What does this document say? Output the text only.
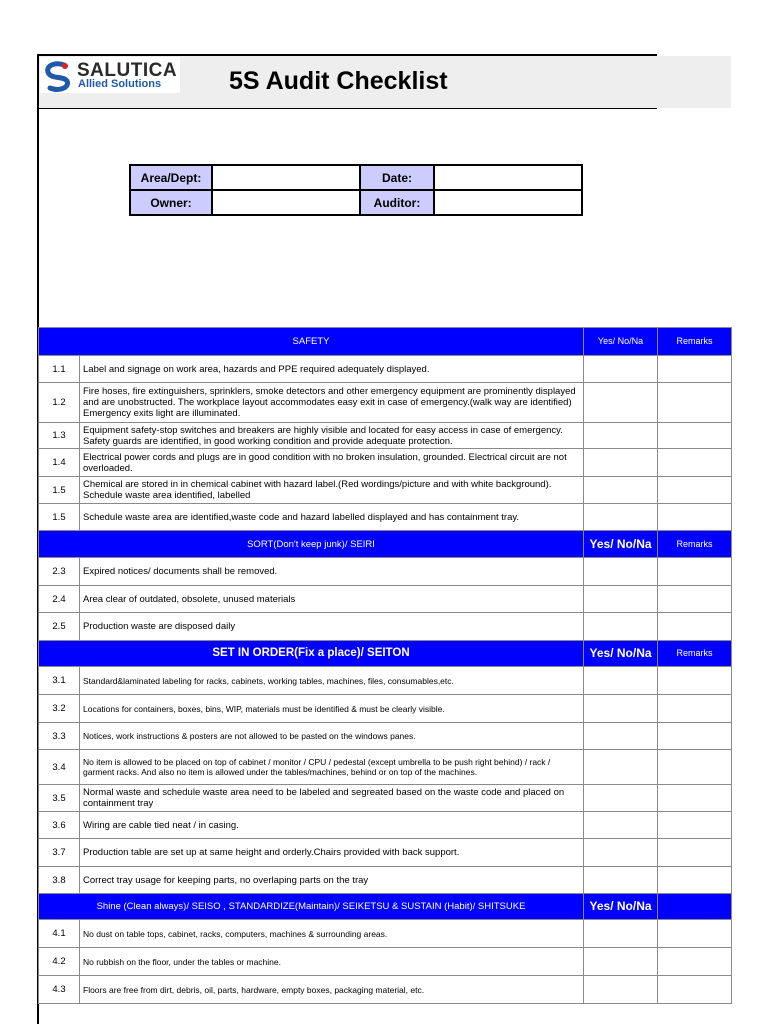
SALUTICA
Allied Solutions	5S Audit Checklist
Area/Dept:		Date:	
Owner:		Auditor:	
SAFETY		Yes/ No/Na	Remarks
1.1	Label and signage on work area, hazards and PPE required adequately displayed.		
1.2	Fire hoses, fire extinguishers, sprinklers, smoke detectors and other emergency equipment are prominently displayed and are unobstructed. The workplace layout accommodates easy exit in case of emergency.(walk way are identified) Emergency exits light are illuminated.		
1.3	Equipment safety-stop switches and breakers are highly visible and located for easy access in case of emergency. Safety guards are identified, in good working condition and provide adequate protection.		
1.4	Electrical power cords and plugs are in good condition with no broken insulation, grounded. Electrical circuit are not overloaded.		
1.5	Chemical are stored in in chemical cabinet with hazard label.(Red wordings/picture and with white background). Schedule waste area identified, labelled		
1.5	Schedule waste area are identified,waste code and hazard labelled displayed and has containment tray.		
SORT(Don't keep junk)/ SEIRI		Yes/ No/Na	Remarks
2.3	Expired notices/ documents shall be removed.		
2.4	Area clear of outdated, obsolete, unused materials		
2.5	Production waste are disposed daily		
SET IN ORDER(Fix a place)/ SEITON		Yes/ No/Na	Remarks
3.1	Standard&laminated labeling for racks, cabinets, working tables, machines, files, consumables,etc.		
3.2	Locations for containers, boxes, bins, WIP, materials must be identified & must be clearly visible.		
3.3	Notices, work instructions & posters are not allowed to be pasted on the windows panes.		
3.4	No item is allowed to be placed on top of cabinet / monitor / CPU / pedestal (except umbrella to be push right behind) / rack / garment racks. And also no item is allowed under the tables/machines, behind or on top of the machines.		
3.5	Normal waste and schedule waste area need to be labeled and segreated based on the waste code and placed on containment tray		
3.6	Wiring are cable tied neat / in casing.		
3.7	Production table are set up at same height and orderly.Chairs provided with back support.		
3.8	Correct tray usage for keeping parts, no overlaping parts on the tray		
Shine (Clean always)/ SEISO , STANDARDIZE(Maintain)/ SEIKETSU & SUSTAIN (Habit)/ SHITSUKE		Yes/ No/Na	
4.1	No dust on table tops, cabinet, racks, computers, machines & surrounding areas.		
4.2	No rubbish on the floor, under the tables or machine.		
4.3	Floors are free from dirt, debris, oil, parts, hardware, empty boxes, packaging material, etc.		
